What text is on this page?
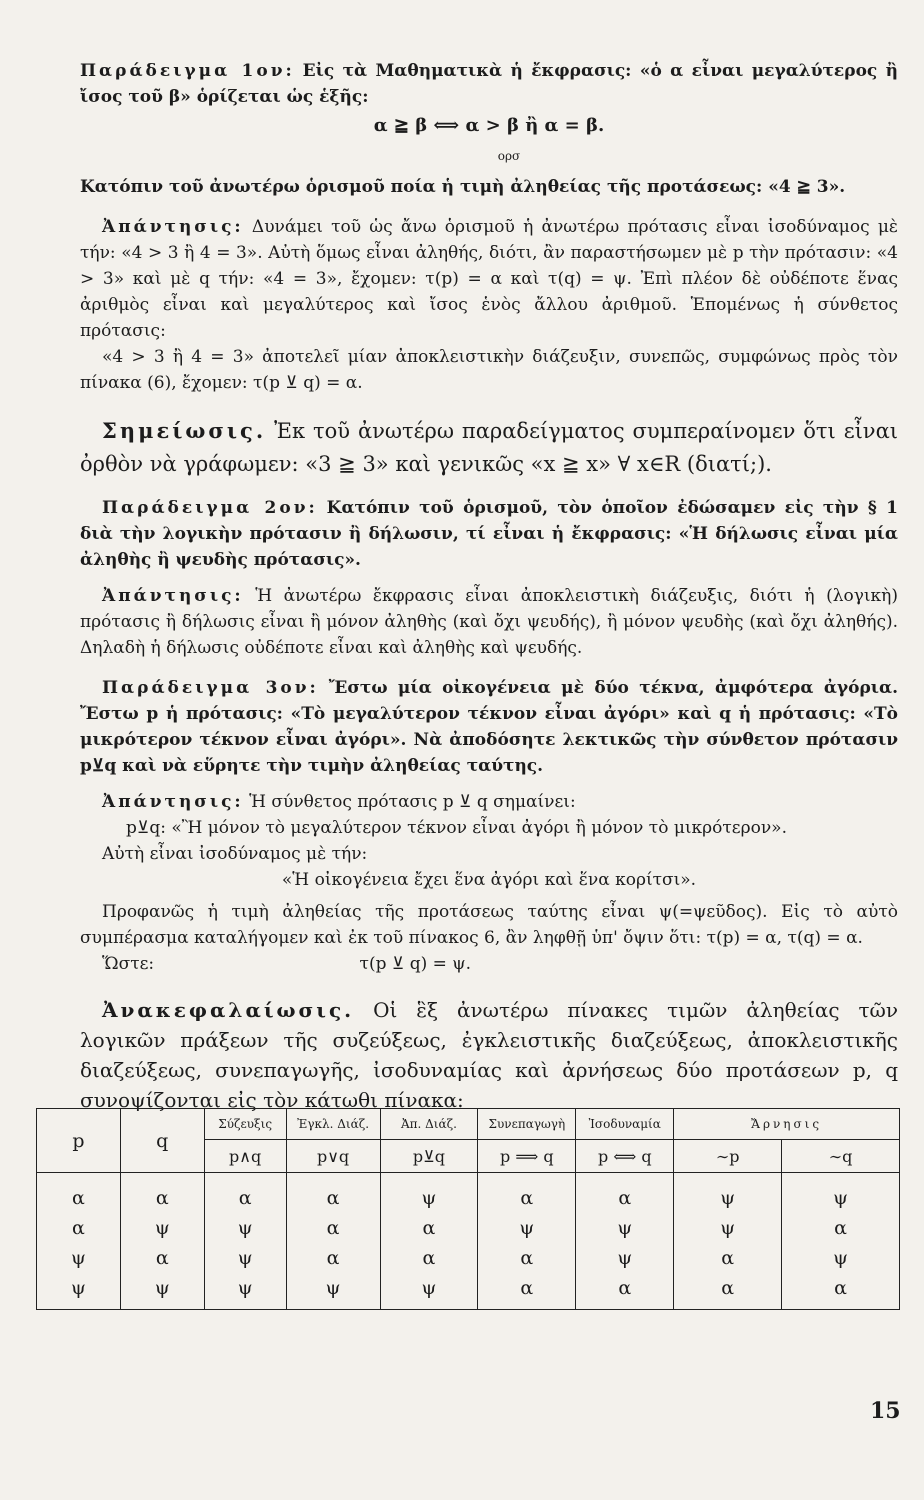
Παράδειγμα 1ον: Εἰς τὰ Μαθηματικὰ ἡ ἔκφρασις: «ὁ α εἶναι μεγαλύτερος ἢ ἴσος τοῦ β» ὁρίζεται ὡς ἑξῆς:

α ≧ β ⟺ α > β ἢ α = β.

ορσ

Κατόπιν τοῦ ἀνωτέρω ὁρισμοῦ ποία ἡ τιμὴ ἀληθείας τῆς προτάσεως: «4 ≧ 3».

Ἀπάντησις: Δυνάμει τοῦ ὡς ἄνω ὁρισμοῦ ἡ ἀνωτέρω πρότασις εἶναι ἰσοδύναμος μὲ τήν: «4 > 3 ἢ 4 = 3». Αὐτὴ ὅμως εἶναι ἀληθής, διότι, ἂν παραστήσωμεν μὲ p τὴν πρότασιν: «4 > 3» καὶ μὲ q τήν: «4 = 3», ἔχομεν: τ(p) = α καὶ τ(q) = ψ. Ἐπὶ πλέον δὲ οὐδέποτε ἕνας ἀριθμὸς εἶναι καὶ μεγαλύτερος καὶ ἴσος ἑνὸς ἄλλου ἀριθμοῦ. Ἑπομένως ἡ σύνθετος πρότασις:

«4 > 3 ἢ 4 = 3» ἀποτελεῖ μίαν ἀποκλειστικὴν διάζευξιν, συνεπῶς, συμφώνως πρὸς τὸν πίνακα (6), ἔχομεν: τ(p ⊻ q) = α.

Σημείωσις. Ἐκ τοῦ ἀνωτέρω παραδείγματος συμπεραίνομεν ὅτι εἶναι ὀρθὸν νὰ γράφωμεν: «3 ≧ 3» καὶ γενικῶς «x ≧ x» ∀ x∈R (διατί;).

Παράδειγμα 2ον: Κατόπιν τοῦ ὁρισμοῦ, τὸν ὁποῖον ἐδώσαμεν εἰς τὴν § 1 διὰ τὴν λογικὴν πρότασιν ἢ δήλωσιν, τί εἶναι ἡ ἔκφρασις: «Ἡ δήλωσις εἶναι μία ἀληθὴς ἢ ψευδὴς πρότασις».

Ἀπάντησις: Ἡ ἀνωτέρω ἔκφρασις εἶναι ἀποκλειστικὴ διάζευξις, διότι ἡ (λογικὴ) πρότασις ἢ δήλωσις εἶναι ἢ μόνον ἀληθὴς (καὶ ὄχι ψευδής), ἢ μόνον ψευδὴς (καὶ ὄχι ἀληθής). Δηλαδὴ ἡ δήλωσις οὐδέποτε εἶναι καὶ ἀληθὴς καὶ ψευδής.

Παράδειγμα 3ον: Ἔστω μία οἰκογένεια μὲ δύο τέκνα, ἀμφότερα ἀγόρια. Ἔστω p ἡ πρότασις: «Τὸ μεγαλύτερον τέκνον εἶναι ἀγόρι» καὶ q ἡ πρότασις: «Τὸ μικρότερον τέκνον εἶναι ἀγόρι». Νὰ ἀποδόσητε λεκτικῶς τὴν σύνθετον πρότασιν p⊻q καὶ νὰ εὕρητε τὴν τιμὴν ἀληθείας ταύτης.

Ἀπάντησις: Ἡ σύνθετος πρότασις p ⊻ q σημαίνει:

p⊻q: «Ἢ μόνον τὸ μεγαλύτερον τέκνον εἶναι ἀγόρι ἢ μόνον τὸ μικρότερον».

Αὐτὴ εἶναι ἰσοδύναμος μὲ τήν:

«Ἡ οἰκογένεια ἔχει ἕνα ἀγόρι καὶ ἕνα κορίτσι».

Προφανῶς ἡ τιμὴ ἀληθείας τῆς προτάσεως ταύτης εἶναι ψ(=ψεῦδος). Εἰς τὸ αὐτὸ συμπέρασμα καταλήγομεν καὶ ἐκ τοῦ πίνακος 6, ἂν ληφθῇ ὑπ' ὄψιν ὅτι: τ(p) = α, τ(q) = α.

Ὥστε:	τ(p ⊻ q) = ψ.

Ἀνακεφαλαίωσις. Οἱ ἓξ ἀνωτέρω πίνακες τιμῶν ἀληθείας τῶν λογικῶν πράξεων τῆς συζεύξεως, ἐγκλειστικῆς διαζεύξεως, ἀποκλειστικῆς διαζεύξεως, συνεπαγωγῆς, ἰσοδυναμίας καὶ ἀρνήσεως δύο προτάσεων p, q συνοψίζονται εἰς τὸν κάτωθι πίνακα:

p	q	Σύζευξις	Ἐγκλ. Διάζ.	Ἀπ. Διάζ.	Συνεπαγωγὴ	Ἰσοδυναμία	Ἄρνησις	
		p∧q	p∨q	p⊻q	p ⟹ q	p ⟺ q	∼p	∼q
α	α	α	α	ψ	α	α	ψ	ψ
α	ψ	ψ	α	α	ψ	ψ	ψ	α
ψ	α	ψ	α	α	α	ψ	α	ψ
ψ	ψ	ψ	ψ	ψ	α	α	α	α
15
